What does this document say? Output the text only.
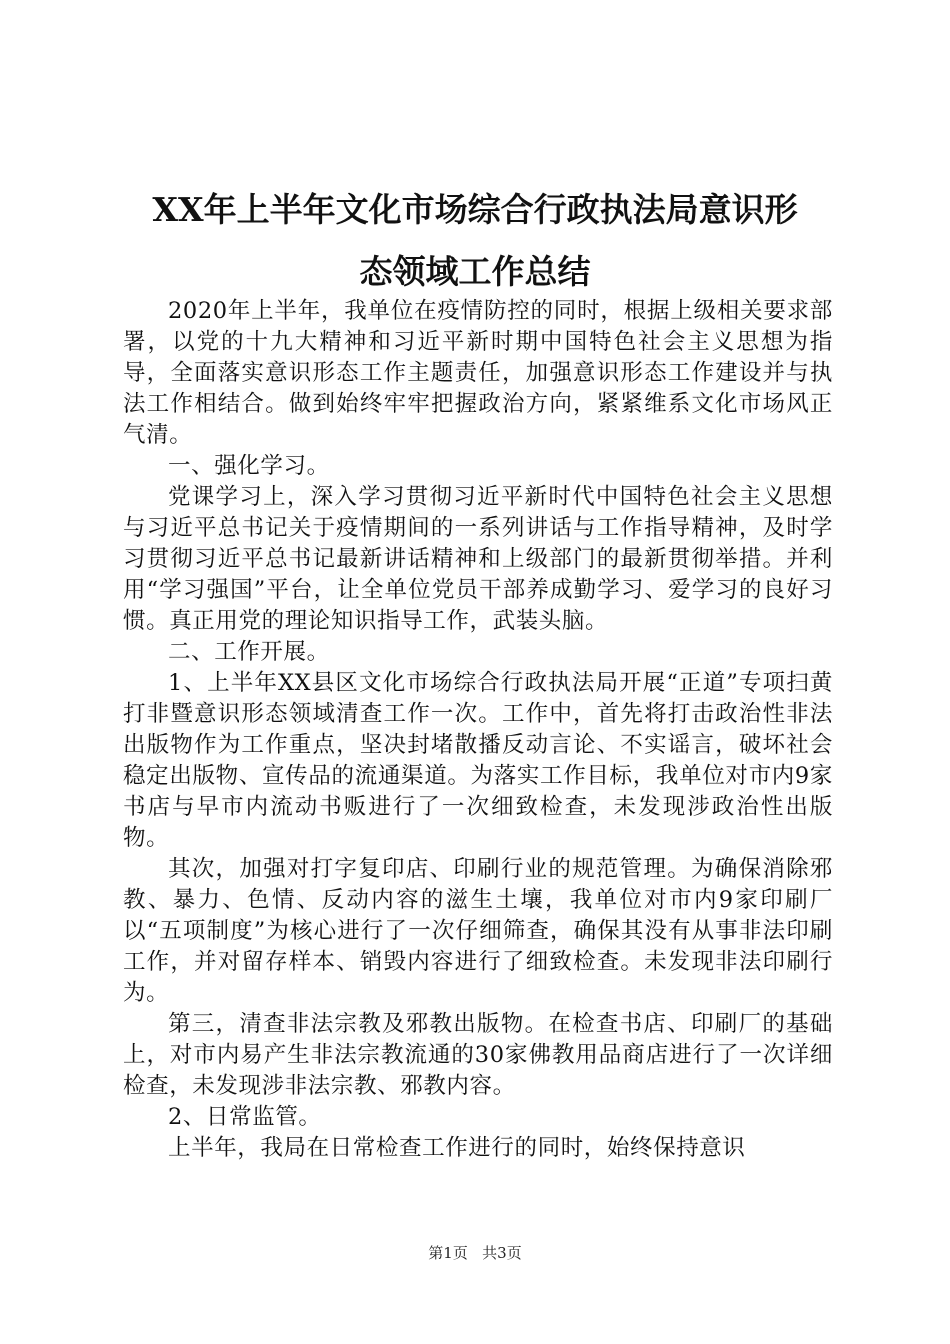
XX年上半年文化市场综合行政执法局意识形
态领域工作总结

2020年上半年，我单位在疫情防控的同时，根据上级相关要求部署，以党的十九大精神和习近平新时期中国特色社会主义思想为指导，全面落实意识形态工作主题责任，加强意识形态工作建设并与执法工作相结合。做到始终牢牢把握政治方向，紧紧维系文化市场风正气清。

一、强化学习。

党课学习上，深入学习贯彻习近平新时代中国特色社会主义思想与习近平总书记关于疫情期间的一系列讲话与工作指导精神，及时学习贯彻习近平总书记最新讲话精神和上级部门的最新贯彻举措。并利用“学习强国”平台，让全单位党员干部养成勤学习、爱学习的良好习惯。真正用党的理论知识指导工作，武装头脑。

二、工作开展。

1、上半年XX县区文化市场综合行政执法局开展“正道”专项扫黄打非暨意识形态领域清查工作一次。工作中，首先将打击政治性非法出版物作为工作重点，坚决封堵散播反动言论、不实谣言，破坏社会稳定出版物、宣传品的流通渠道。为落实工作目标，我单位对市内9家书店与早市内流动书贩进行了一次细致检查，未发现涉政治性出版物。

其次，加强对打字复印店、印刷行业的规范管理。为确保消除邪教、暴力、色情、反动内容的滋生土壤，我单位对市内9家印刷厂以“五项制度”为核心进行了一次仔细筛查，确保其没有从事非法印刷工作，并对留存样本、销毁内容进行了细致检查。未发现非法印刷行为。

第三，清查非法宗教及邪教出版物。在检查书店、印刷厂的基础上，对市内易产生非法宗教流通的30家佛教用品商店进行了一次详细检查，未发现涉非法宗教、邪教内容。

2、日常监管。

上半年，我局在日常检查工作进行的同时，始终保持意识

第1页 共3页
